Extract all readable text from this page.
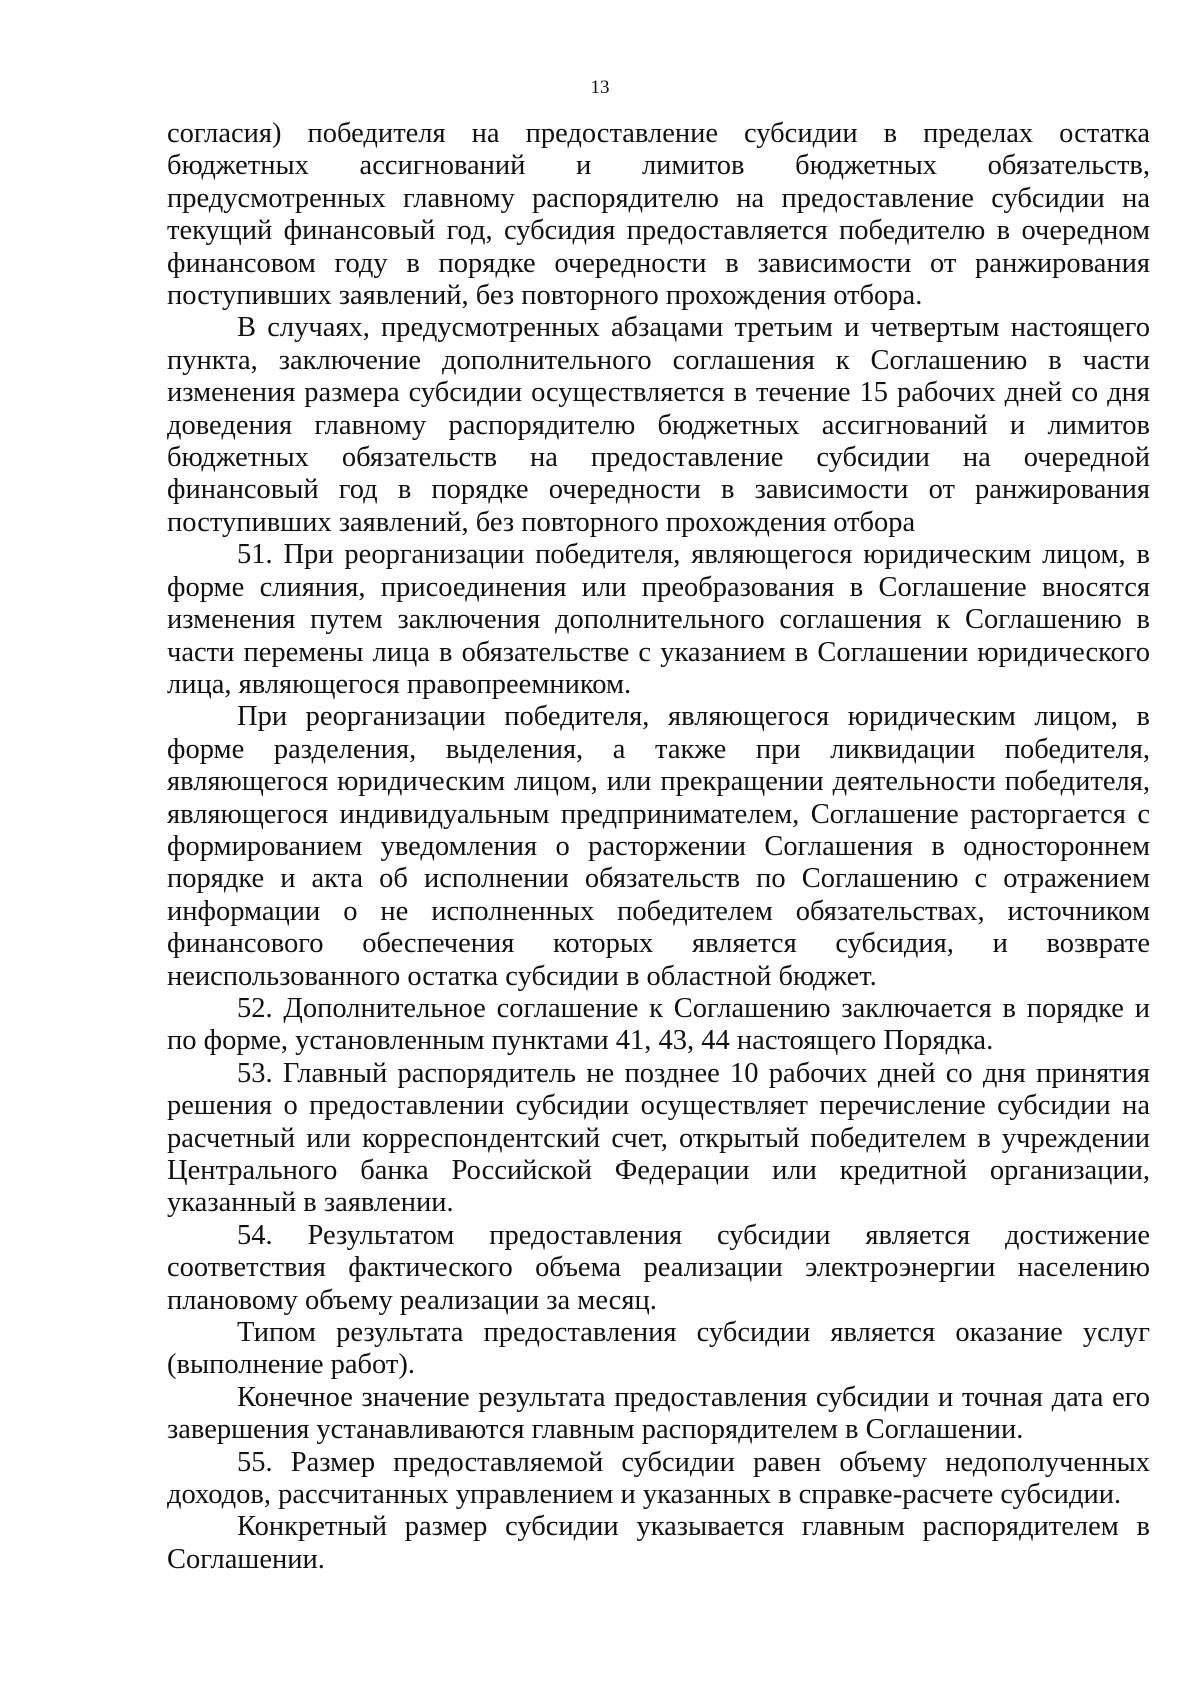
13

согласия) победителя на предоставление субсидии в пределах остатка бюджетных ассигнований и лимитов бюджетных обязательств, предусмотренных главному распорядителю на предоставление субсидии на текущий финансовый год, субсидия предоставляется победителю в очередном финансовом году в порядке очередности в зависимости от ранжирования поступивших заявлений, без повторного прохождения отбора.

В случаях, предусмотренных абзацами третьим и четвертым настоящего пункта, заключение дополнительного соглашения к Соглашению в части изменения размера субсидии осуществляется в течение 15 рабочих дней со дня доведения главному распорядителю бюджетных ассигнований и лимитов бюджетных обязательств на предоставление субсидии на очередной финансовый год в порядке очередности в зависимости от ранжирования поступивших заявлений, без повторного прохождения отбора

51. При реорганизации победителя, являющегося юридическим лицом, в форме слияния, присоединения или преобразования в Соглашение вносятся изменения путем заключения дополнительного соглашения к Соглашению в части перемены лица в обязательстве с указанием в Соглашении юридического лица, являющегося правопреемником.

При реорганизации победителя, являющегося юридическим лицом, в форме разделения, выделения, а также при ликвидации победителя, являющегося юридическим лицом, или прекращении деятельности победителя, являющегося индивидуальным предпринимателем, Соглашение расторгается с формированием уведомления о расторжении Соглашения в одностороннем порядке и акта об исполнении обязательств по Соглашению с отражением информации о не исполненных победителем обязательствах, источником финансового обеспечения которых является субсидия, и возврате неиспользованного остатка субсидии в областной бюджет.

52. Дополнительное соглашение к Соглашению заключается в порядке и по форме, установленным пунктами 41, 43, 44 настоящего Порядка.

53. Главный распорядитель не позднее 10 рабочих дней со дня принятия решения о предоставлении субсидии осуществляет перечисление субсидии на расчетный или корреспондентский счет, открытый победителем в учреждении Центрального банка Российской Федерации или кредитной организации, указанный в заявлении.

54. Результатом предоставления субсидии является достижение соответствия фактического объема реализации электроэнергии населению плановому объему реализации за месяц.

Типом результата предоставления субсидии является оказание услуг (выполнение работ).

Конечное значение результата предоставления субсидии и точная дата его завершения устанавливаются главным распорядителем в Соглашении.

55. Размер предоставляемой субсидии равен объему недополученных доходов, рассчитанных управлением и указанных в справке-расчете субсидии.

Конкретный размер субсидии указывается главным распорядителем в Соглашении.
